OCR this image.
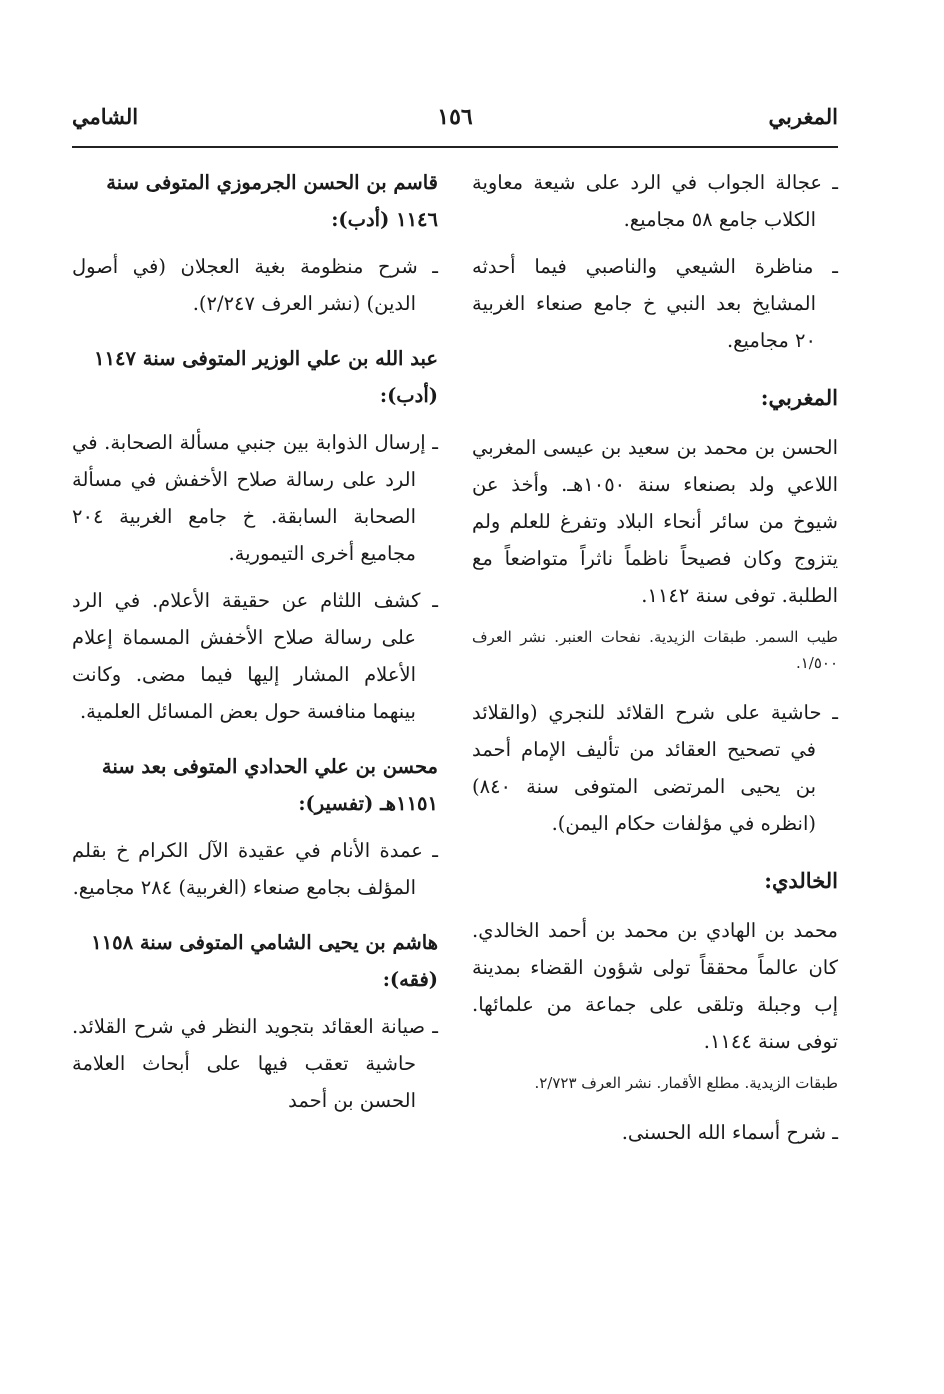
المغربي
١٥٦
الشامي

ـ عجالة الجواب في الرد على شيعة معاوية الكلاب جامع ٥٨ مجاميع.

ـ مناظرة الشيعي والناصبي فيما أحدثه المشايخ بعد النبي خ جامع صنعاء الغربية ٢٠ مجاميع.

المغربي:

الحسن بن محمد بن سعيد بن عيسى المغربي اللاعي ولد بصنعاء سنة ١٠٥٠هـ. وأخذ عن شيوخ من سائر أنحاء البلاد وتفرغ للعلم ولم يتزوج وكان فصيحاً ناظماً ناثراً متواضعاً مع الطلبة. توفى سنة ١١٤٢.

طيب السمر. طبقات الزيدية. نفحات العنبر. نشر العرف ١/٥٠٠.

ـ حاشية على شرح القلائد للنجري (والقلائد في تصحيح العقائد من تأليف الإمام أحمد بن يحيى المرتضى المتوفى سنة ٨٤٠) (انظره في مؤلفات حكام اليمن).

الخالدي:

محمد بن الهادي بن محمد بن أحمد الخالدي. كان عالماً محققاً تولى شؤون القضاء بمدينة إب وجبلة وتلقى على جماعة من علمائها. توفى سنة ١١٤٤.

طبقات الزيدية. مطلع الأقمار. نشر العرف ٢/٧٢٣.

ـ شرح أسماء الله الحسنى.

قاسم بن الحسن الجرموزي المتوفى سنة ١١٤٦ (أدب):

ـ شرح منظومة بغية العجلان (في أصول الدين) (نشر العرف ٢/٢٤٧).

عبد الله بن علي الوزير المتوفى سنة ١١٤٧ (أدب):

ـ إرسال الذوابة بين جنبي مسألة الصحابة. في الرد على رسالة صلاح الأخفش في مسألة الصحابة السابقة. خ جامع الغربية ٢٠٤ مجاميع أخرى التيمورية.

ـ كشف اللثام عن حقيقة الأعلام. في الرد على رسالة صلاح الأخفش المسماة إعلام الأعلام المشار إليها فيما مضى. وكانت بينهما منافسة حول بعض المسائل العلمية.

محسن بن علي الحدادي المتوفى بعد سنة ١١٥١هـ (تفسير):

ـ عمدة الأنام في عقيدة الآل الكرام خ بقلم المؤلف بجامع صنعاء (الغربية) ٢٨٤ مجاميع.

هاشم بن يحيى الشامي المتوفى سنة ١١٥٨ (فقه):

ـ صيانة العقائد بتجويد النظر في شرح القلائد. حاشية تعقب فيها على أبحاث العلامة الحسن بن أحمد
